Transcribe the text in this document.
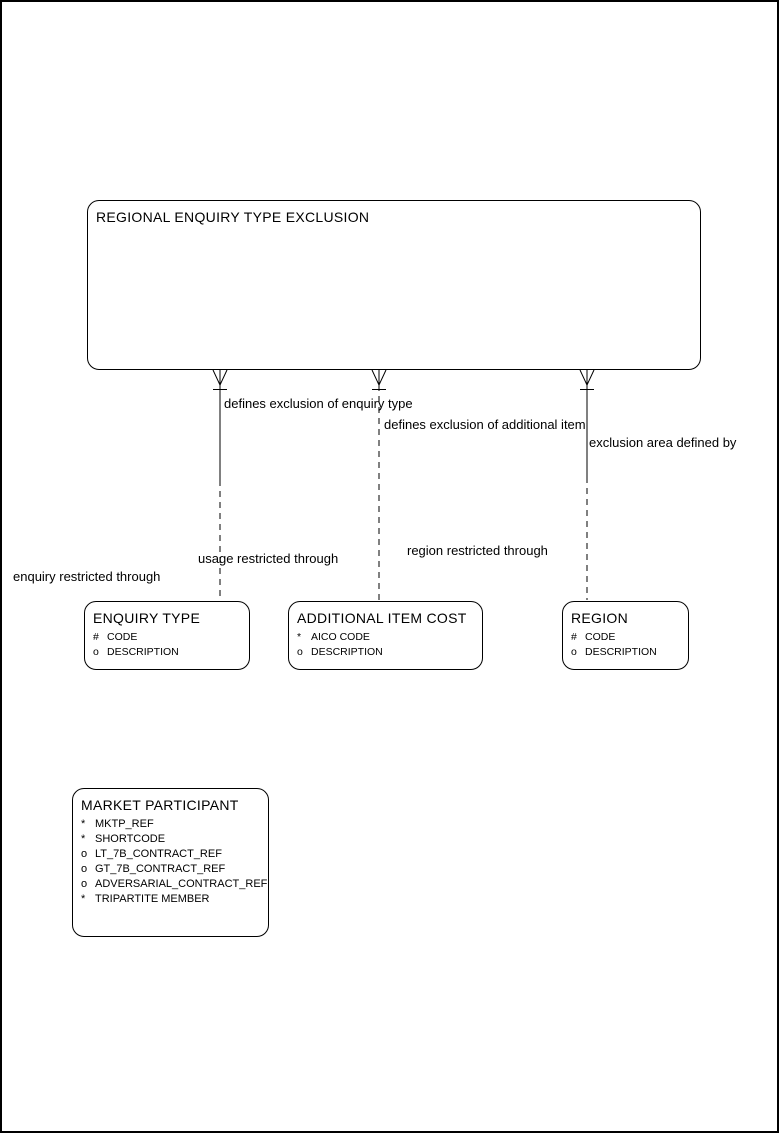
REGIONAL ENQUIRY TYPE EXCLUSION
defines exclusion of enquiry type
defines exclusion of additional item
exclusion area defined by
enquiry restricted through
usage restricted through
region restricted through
ENQUIRY TYPE
# CODE
o DESCRIPTION
ADDITIONAL ITEM COST
* AICO CODE
o DESCRIPTION
REGION
# CODE
o DESCRIPTION
MARKET PARTICIPANT
* MKTP_REF
* SHORTCODE
o LT_7B_CONTRACT_REF
o GT_7B_CONTRACT_REF
o ADVERSARIAL_CONTRACT_REF
* TRIPARTITE MEMBER
